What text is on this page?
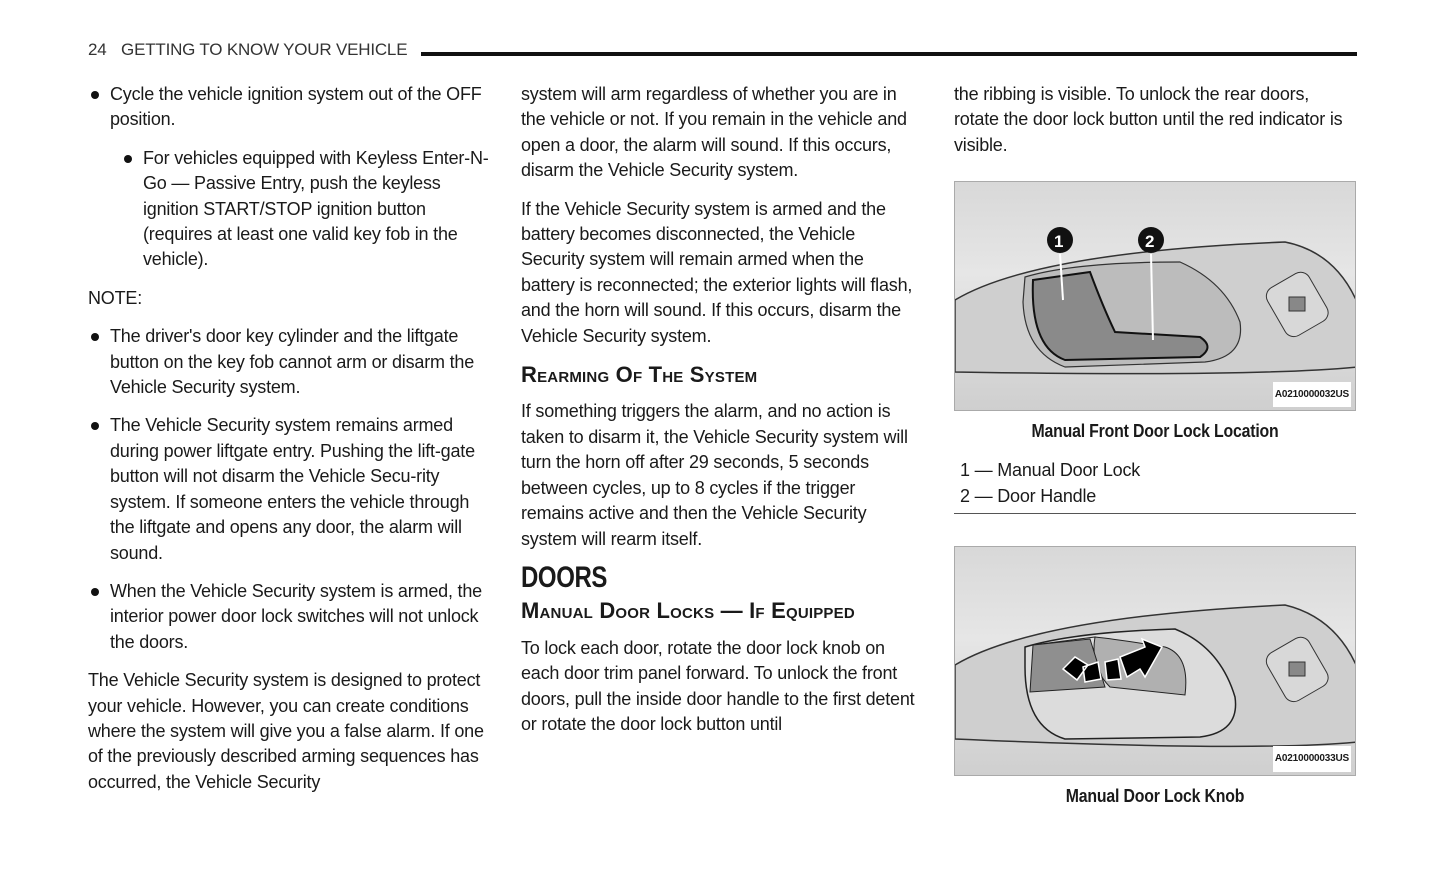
24 GETTING TO KNOW YOUR VEHICLE
Cycle the vehicle ignition system out of the OFF position.
For vehicles equipped with Keyless Enter-N-Go — Passive Entry, push the keyless ignition START/STOP ignition button (requires at least one valid key fob in the vehicle).
NOTE:
The driver's door key cylinder and the liftgate button on the key fob cannot arm or disarm the Vehicle Security system.
The Vehicle Security system remains armed during power liftgate entry. Pushing the lift-gate button will not disarm the Vehicle Secu-rity system. If someone enters the vehicle through the liftgate and opens any door, the alarm will sound.
When the Vehicle Security system is armed, the interior power door lock switches will not unlock the doors.

The Vehicle Security system is designed to protect your vehicle. However, you can create conditions where the system will give you a false alarm. If one of the previously described arming sequences has occurred, the Vehicle Security

system will arm regardless of whether you are in the vehicle or not. If you remain in the vehicle and open a door, the alarm will sound. If this occurs, disarm the Vehicle Security system.

If the Vehicle Security system is armed and the battery becomes disconnected, the Vehicle Security system will remain armed when the battery is reconnected; the exterior lights will flash, and the horn will sound. If this occurs, disarm the Vehicle Security system.

Rearming Of The System

If something triggers the alarm, and no action is taken to disarm it, the Vehicle Security system will turn the horn off after 29 seconds, 5 seconds between cycles, up to 8 cycles if the trigger remains active and then the Vehicle Security system will rearm itself.

DOORS
Manual Door Locks — If Equipped

To lock each door, rotate the door lock knob on each door trim panel forward. To unlock the front doors, pull the inside door handle to the first detent or rotate the door lock button until

the ribbing is visible. To unlock the rear doors, rotate the door lock button until the red indicator is visible.

1	2
A0210000032US
Manual Front Door Lock Location
1 — Manual Door Lock
2 — Door Handle
A0210000033US
Manual Door Lock Knob
